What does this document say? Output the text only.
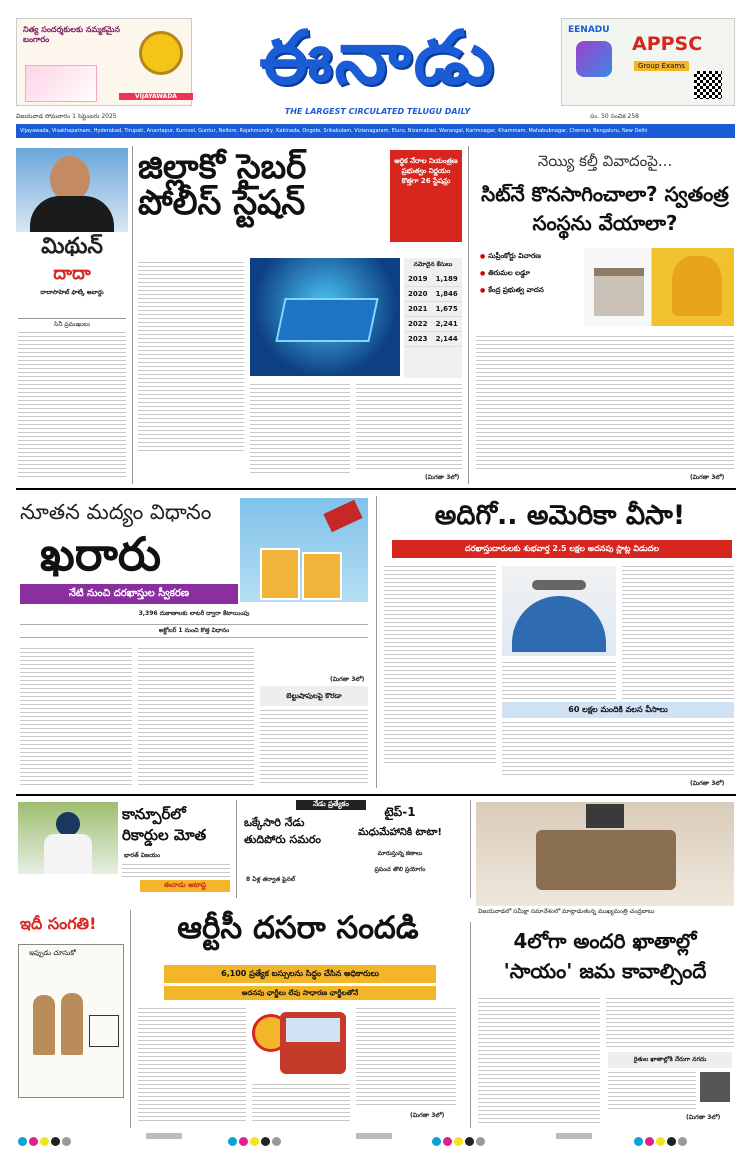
నిత్య సందర్శకులకు నమ్మకమైన బంగారం
VIJAYAWADA	ఈనాడు
THE LARGEST CIRCULATED TELUGU DAILY
EENADU
APPSC
Group Exams
విజయవాడ సోమవారం 1 సెప్టెంబరు 2025	సం. 50 సంచిక 258
Vijayawada, Visakhapatnam, Hyderabad, Tirupati, Anantapur, Kurnool, Guntur, Nellore, Rajahmundry, Kakinada, Ongole, Srikakulam, Vizianagaram, Eluru, Nizamabad, Warangal, Karimnagar, Khammam, Mahabubnagar, Chennai, Bengaluru, New Delhi
మిథున్
దాదా
దాదాసాహెబ్ ఫాల్కే అవార్డు
సినీ ప్రముఖులు
జిల్లాకో సైబర్ పోలీస్ స్టేషన్
ఆర్థిక నేరాల నియంత్రణ ప్రభుత్వం నిర్ణయం కొత్తగా 26 స్టేషన్లు
నమోదైన కేసులు
2019	1,189
2020	1,846
2021	1,675
2022	2,241
2023	2,144
(మిగతా 3లో)
నెయ్యి కల్తీ వివాదంపై...
సిట్‌నే కొనసాగించాలా? స్వతంత్ర సంస్థను వేయాలా?
● సుప్రీంకోర్టు విచారణ
● తిరుమల లడ్డూ
● కేంద్ర ప్రభుత్వ వాదన
(మిగతా 3లో)
నూతన మద్యం విధానం
ఖరారు
నేటి నుంచి దరఖాస్తుల స్వీకరణ
3,396 దుకాణాలకు లాటరీ ద్వారా కేటాయింపు
అక్టోబర్ 1 నుంచి కొత్త విధానం
బెల్టుషాపులపై కొరడా
(మిగతా 3లో)
అదిగో.. అమెరికా వీసా!
దరఖాస్తుదారులకు శుభవార్త 2.5 లక్షల అదనపు స్లాట్ల విడుదల
60 లక్షల మందికి వలస వీసాలు
(మిగతా 3లో)
కాన్పూర్‌లో రికార్డుల మోత
భారత్ విజయం
ఈనాడు ఆటాప్ట
నేడు ప్రత్యేకం
ఒక్కేసారి నేడు తుదిపోరు సమరం
8 ఏళ్ల తర్వాత ఫైనల్
టైప్-1
మధుమేహానికి టాటా!
మారుస్తున్న కణాలు
ప్రపంచ తొలి ప్రయోగం
విజయవాడలో సమీక్షా సమావేశంలో మాట్లాడుతున్న ముఖ్యమంత్రి చంద్రబాబు
ఇదీ సంగతి!
ఇప్పుడు చూసుకో
ఆర్టీసీ దసరా సందడి
6,100 ప్రత్యేక బస్సులను సిద్ధం చేసిన అధికారులు
అదనపు ఛార్జీలు లేవు సాధారణ ఛార్జీలతోనే
(మిగతా 3లో)
4లోగా అందరి ఖాతాల్లో 'సాయం' జమ కావాల్సిందే
రైతుల ఖాతాల్లోకి నేరుగా నగదు
(మిగతా 3లో)
